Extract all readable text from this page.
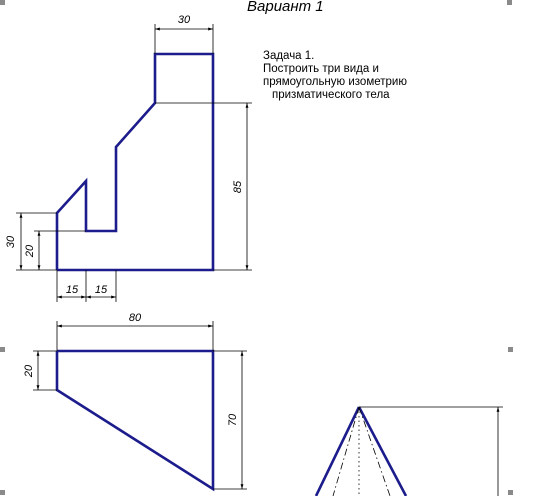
Вариант 1
Задача 1.
Построить три вида и
прямоугольную изометрию
призматического тела
30
85
30
20
15 15
80
20
70
